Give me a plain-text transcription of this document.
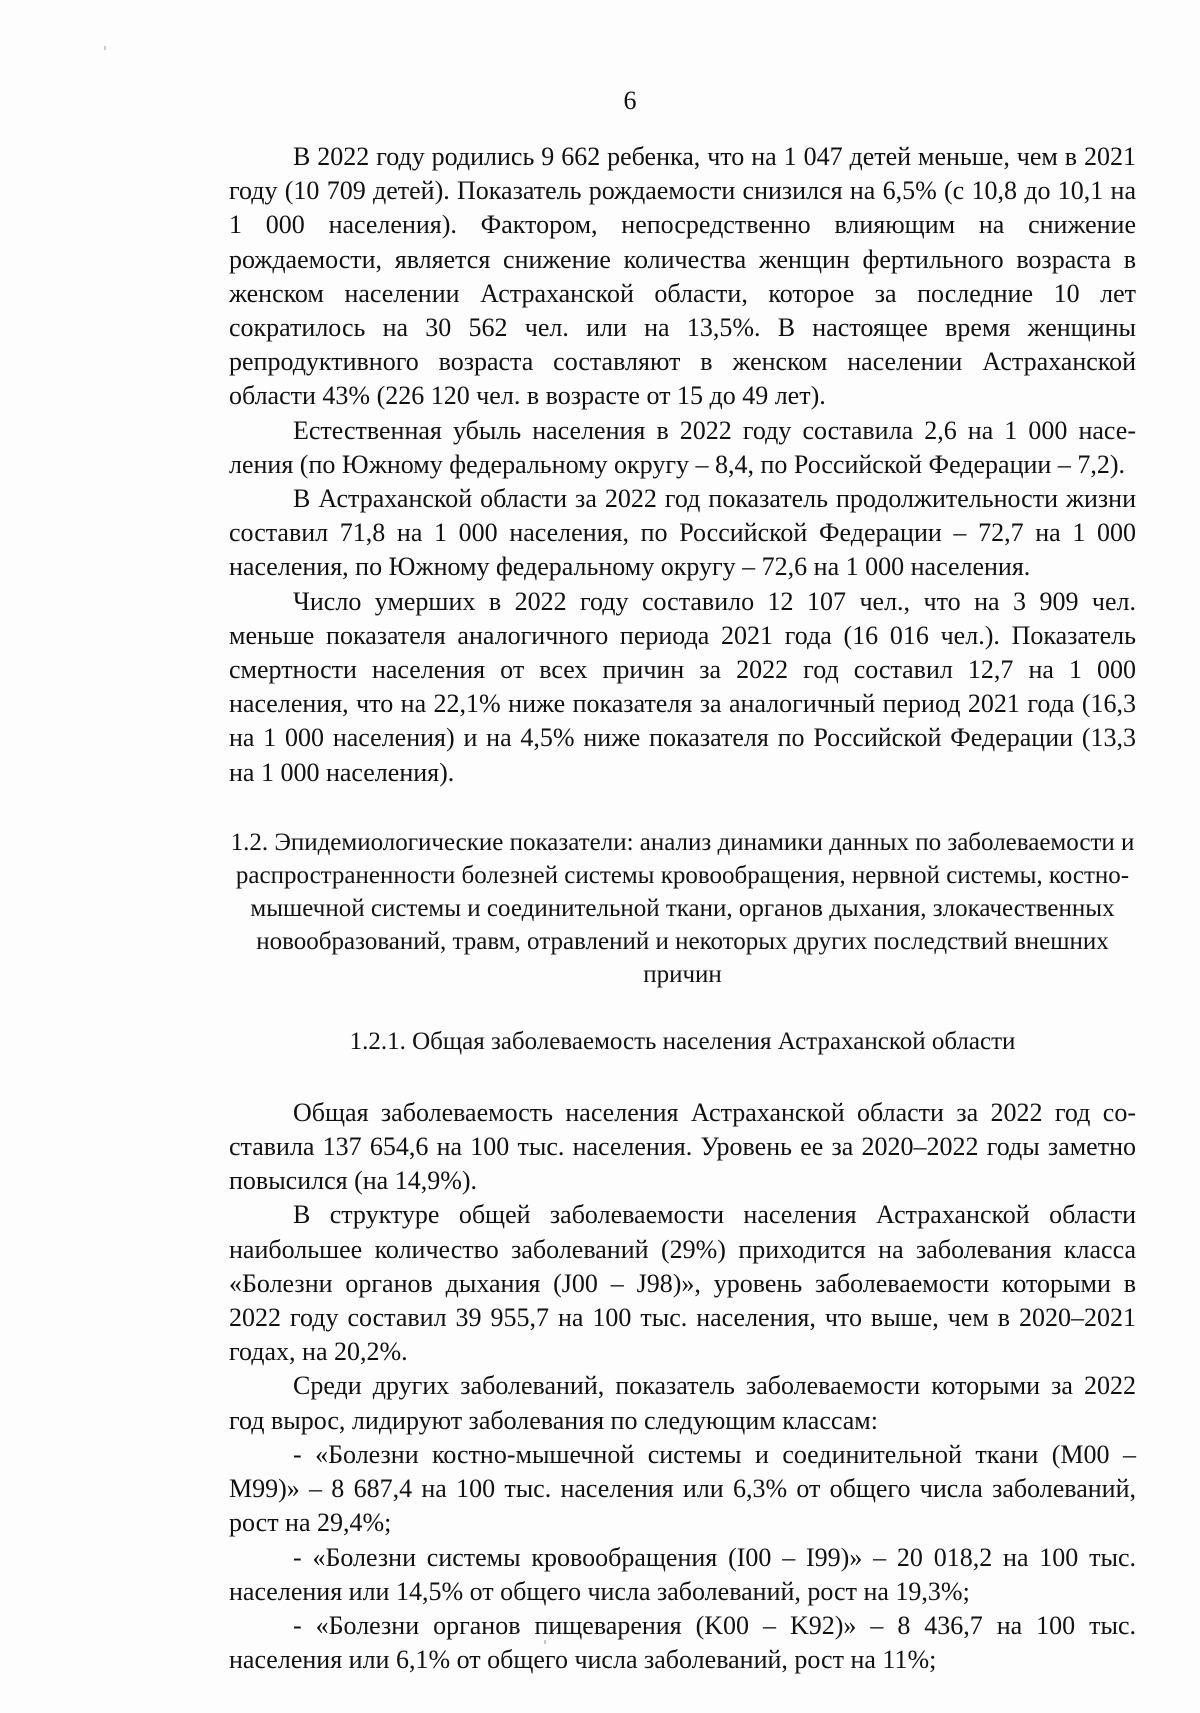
6

В 2022 году родились 9 662 ребенка, что на 1 047 детей меньше, чем в 2021 году (10 709 детей). Показатель рождаемости снизился на 6,5% (с 10,8 до 10,1 на 1 000 населения). Фактором, непосредственно влияющим на снижение рождаемости, является снижение количества женщин фертильного возраста в женском населении Астраханской области, которое за последние 10 лет сократилось на 30 562 чел. или на 13,5%. В настоящее время женщины репродуктивного возраста составляют в женском населении Астраханской области 43% (226 120 чел. в возрасте от 15 до 49 лет).

Естественная убыль населения в 2022 году составила 2,6 на 1 000 населения (по Южному федеральному округу – 8,4, по Российской Федерации – 7,2).

В Астраханской области за 2022 год показатель продолжительности жизни составил 71,8 на 1 000 населения, по Российской Федерации – 72,7 на 1 000 населения, по Южному федеральному округу – 72,6 на 1 000 населения.

Число умерших в 2022 году составило 12 107 чел., что на 3 909 чел. меньше показателя аналогичного периода 2021 года (16 016 чел.). Показатель смертности населения от всех причин за 2022 год составил 12,7 на 1 000 населения, что на 22,1% ниже показателя за аналогичный период 2021 года (16,3 на 1 000 населения) и на 4,5% ниже показателя по Российской Федерации (13,3 на 1 000 населения).

1.2. Эпидемиологические показатели: анализ динамики данных по заболеваемости и распространенности болезней системы кровообращения, нервной системы, костно-мышечной системы и соединительной ткани, органов дыхания, злокачественных новообразований, травм, отравлений и некоторых других последствий внешних причин
1.2.1. Общая заболеваемость населения Астраханской области

Общая заболеваемость населения Астраханской области за 2022 год составила 137 654,6 на 100 тыс. населения. Уровень ее за 2020–2022 годы заметно повысился (на 14,9%).

В структуре общей заболеваемости населения Астраханской области наибольшее количество заболеваний (29%) приходится на заболевания класса «Болезни органов дыхания (J00 – J98)», уровень заболеваемости которыми в 2022 году составил 39 955,7 на 100 тыс. населения, что выше, чем в 2020–2021 годах, на 20,2%.

Среди других заболеваний, показатель заболеваемости которыми за 2022 год вырос, лидируют заболевания по следующим классам:

- «Болезни костно-мышечной системы и соединительной ткани (M00 – M99)» – 8 687,4 на 100 тыс. населения или 6,3% от общего числа заболеваний, рост на 29,4%;

- «Болезни системы кровообращения (I00 – I99)» – 20 018,2 на 100 тыс. населения или 14,5% от общего числа заболеваний, рост на 19,3%;

- «Болезни органов пищеварения (K00 – K92)» – 8 436,7 на 100 тыс. населения или 6,1% от общего числа заболеваний, рост на 11%;
